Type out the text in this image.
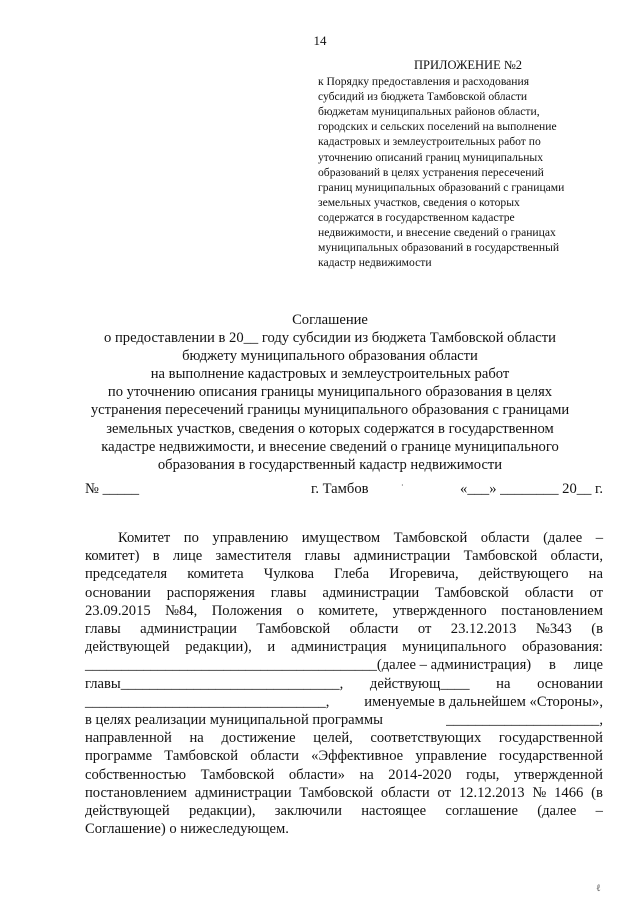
14
ПРИЛОЖЕНИЕ №2
к Порядку предоставления и расходования
субсидий из бюджета Тамбовской области
бюджетам муниципальных районов области,
городских и сельских поселений на выполнение
кадастровых и землеустроительных работ по
уточнению описаний границ муниципальных
образований в целях устранения пересечений
границ муниципальных образований с границами
земельных участков, сведения о которых
содержатся в государственном кадастре
недвижимости, и внесение сведений о границах
муниципальных образований в государственный
кадастр недвижимости
Соглашение
о предоставлении в 20__ году субсидии из бюджета Тамбовской области
бюджету муниципального образования области
на выполнение кадастровых и землеустроительных работ
по уточнению описания границы муниципального образования в целях
устранения пересечений границы муниципального образования с границами
земельных участков, сведения о которых содержатся в государственном
кадастре недвижимости, и внесение сведений о границе муниципального
образования в государственный кадастр недвижимости
№ _____	г. Тамбов	·	«___» ________ 20__ г.
Комитет по управлению имуществом Тамбовской области (далее –
комитет) в лице заместителя главы администрации Тамбовской области,
председателя комитета Чулкова Глеба Игоревича, действующего на
основании распоряжения главы администрации Тамбовской области от
23.09.2015 №84, Положения о комитете, утвержденного постановлением
главы администрации Тамбовской области от 23.12.2013 №343 (в
действующей редакции), и администрация муниципального образования:
________________________________________(далее – администрация) в лице
главы______________________________, действующ____ на основании
_________________________________, именуемые в дальнейшем «Стороны»,
в целях реализации муниципальной программы	_____________________,
направленной на достижение целей, соответствующих государственной
программе Тамбовской области «Эффективное управление государственной
собственностью Тамбовской области» на 2014-2020 годы, утвержденной
постановлением администрации Тамбовской области от 12.12.2013 № 1466 (в
действующей редакции), заключили настоящее соглашение (далее –
Соглашение) о нижеследующем.
ℓ
